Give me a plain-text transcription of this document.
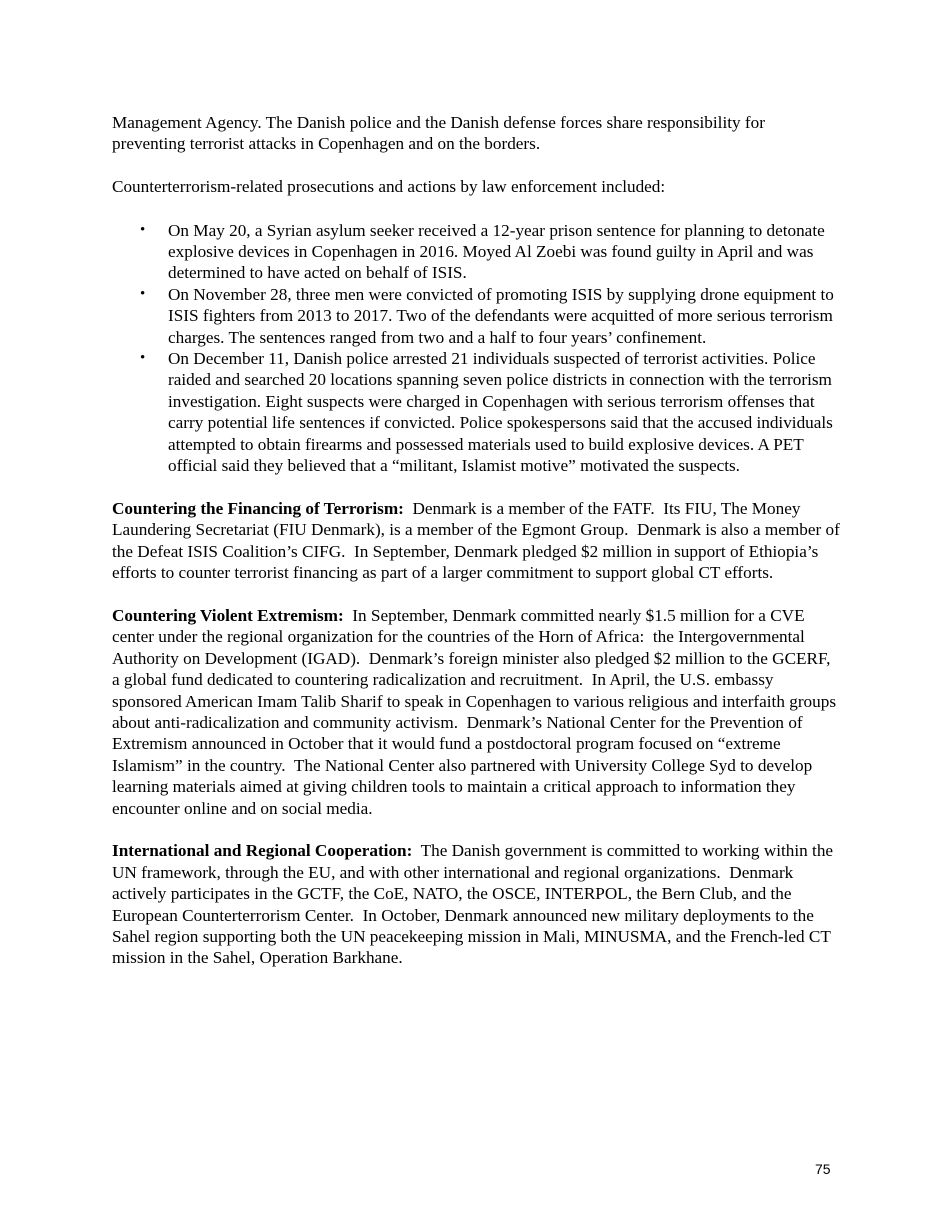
Management Agency. The Danish police and the Danish defense forces share responsibility for preventing terrorist attacks in Copenhagen and on the borders.

Counterterrorism-related prosecutions and actions by law enforcement included:

• On May 20, a Syrian asylum seeker received a 12-year prison sentence for planning to detonate explosive devices in Copenhagen in 2016. Moyed Al Zoebi was found guilty in April and was determined to have acted on behalf of ISIS.
• On November 28, three men were convicted of promoting ISIS by supplying drone equipment to ISIS fighters from 2013 to 2017. Two of the defendants were acquitted of more serious terrorism charges. The sentences ranged from two and a half to four years’ confinement.
• On December 11, Danish police arrested 21 individuals suspected of terrorist activities. Police raided and searched 20 locations spanning seven police districts in connection with the terrorism investigation. Eight suspects were charged in Copenhagen with serious terrorism offenses that carry potential life sentences if convicted. Police spokespersons said that the accused individuals attempted to obtain firearms and possessed materials used to build explosive devices. A PET official said they believed that a “militant, Islamist motive” motivated the suspects.

Countering the Financing of Terrorism:  Denmark is a member of the FATF.  Its FIU, The Money Laundering Secretariat (FIU Denmark), is a member of the Egmont Group.  Denmark is also a member of the Defeat ISIS Coalition’s CIFG.  In September, Denmark pledged $2 million in support of Ethiopia’s efforts to counter terrorist financing as part of a larger commitment to support global CT efforts.

Countering Violent Extremism:  In September, Denmark committed nearly $1.5 million for a CVE center under the regional organization for the countries of the Horn of Africa:  the Intergovernmental Authority on Development (IGAD).  Denmark’s foreign minister also pledged $2 million to the GCERF, a global fund dedicated to countering radicalization and recruitment.  In April, the U.S. embassy sponsored American Imam Talib Sharif to speak in Copenhagen to various religious and interfaith groups about anti-radicalization and community activism.  Denmark’s National Center for the Prevention of Extremism announced in October that it would fund a postdoctoral program focused on “extreme Islamism” in the country.  The National Center also partnered with University College Syd to develop learning materials aimed at giving children tools to maintain a critical approach to information they encounter online and on social media.

International and Regional Cooperation:  The Danish government is committed to working within the UN framework, through the EU, and with other international and regional organizations.  Denmark actively participates in the GCTF, the CoE, NATO, the OSCE, INTERPOL, the Bern Club, and the European Counterterrorism Center.  In October, Denmark announced new military deployments to the Sahel region supporting both the UN peacekeeping mission in Mali, MINUSMA, and the French-led CT mission in the Sahel, Operation Barkhane.

75
